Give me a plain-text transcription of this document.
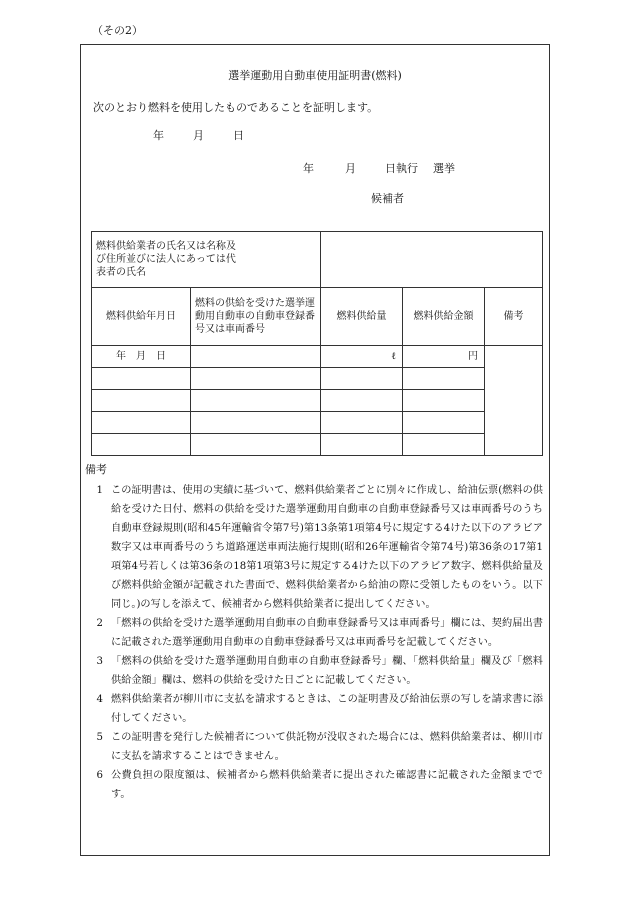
（その2）
選挙運動用自動車使用証明書(燃料)
次のとおり燃料を使用したものであることを証明します。
年	月	日
年	月	日執行 選挙
候補者
燃料供給業者の氏名又は名称及び住所並びに法人にあっては代表者の氏名				
燃料供給年月日	燃料の供給を受けた選挙運動用自動車の自動車登録番号又は車両番号	燃料供給量	燃料供給金額	備考
年　月　日		ℓ	円	

備考
1 この証明書は、使用の実績に基づいて、燃料供給業者ごとに別々に作成し、給油伝票(燃料の供給を受けた日付、燃料の供給を受けた選挙運動用自動車の自動車登録番号又は車両番号のうち自動車登録規則(昭和45年運輸省令第7号)第13条第1項第4号に規定する4けた以下のアラビア数字又は車両番号のうち道路運送車両法施行規則(昭和26年運輸省令第74号)第36条の17第1項第4号若しくは第36条の18第1項第3号に規定する4けた以下のアラビア数字、燃料供給量及び燃料供給金額が記載された書面で、燃料供給業者から給油の際に受領したものをいう。以下同じ。)の写しを添えて、候補者から燃料供給業者に提出してください。
2 「燃料の供給を受けた選挙運動用自動車の自動車登録番号又は車両番号」欄には、契約届出書に記載された選挙運動用自動車の自動車登録番号又は車両番号を記載してください。
3 「燃料の供給を受けた選挙運動用自動車の自動車登録番号」欄、「燃料供給量」欄及び「燃料供給金額」欄は、燃料の供給を受けた日ごとに記載してください。
4 燃料供給業者が柳川市に支払を請求するときは、この証明書及び給油伝票の写しを請求書に添付してください。
5 この証明書を発行した候補者について供託物が没収された場合には、燃料供給業者は、柳川市に支払を請求することはできません。
6 公費負担の限度額は、候補者から燃料供給業者に提出された確認書に記載された金額までです。
